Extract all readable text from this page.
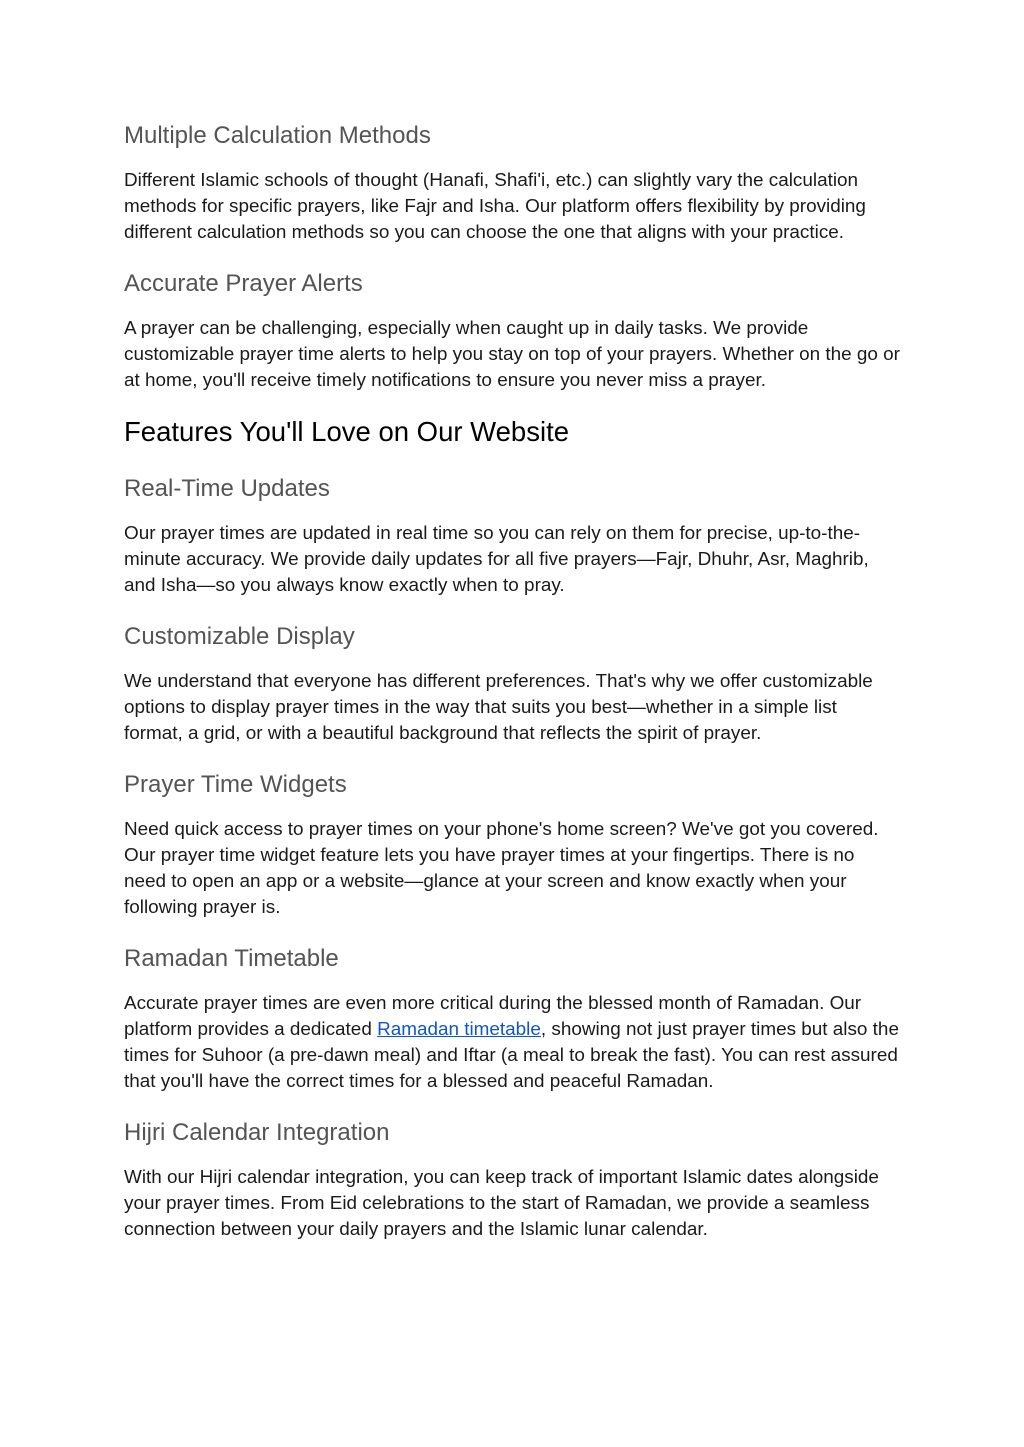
Multiple Calculation Methods

Different Islamic schools of thought (Hanafi, Shafi'i, etc.) can slightly vary the calculation methods for specific prayers, like Fajr and Isha. Our platform offers flexibility by providing different calculation methods so you can choose the one that aligns with your practice.

Accurate Prayer Alerts

A prayer can be challenging, especially when caught up in daily tasks. We provide customizable prayer time alerts to help you stay on top of your prayers. Whether on the go or at home, you'll receive timely notifications to ensure you never miss a prayer.

Features You'll Love on Our Website
Real-Time Updates

Our prayer times are updated in real time so you can rely on them for precise, up-to-the-minute accuracy. We provide daily updates for all five prayers—Fajr, Dhuhr, Asr, Maghrib, and Isha—so you always know exactly when to pray.

Customizable Display

We understand that everyone has different preferences. That's why we offer customizable options to display prayer times in the way that suits you best—whether in a simple list format, a grid, or with a beautiful background that reflects the spirit of prayer.

Prayer Time Widgets

Need quick access to prayer times on your phone's home screen? We've got you covered. Our prayer time widget feature lets you have prayer times at your fingertips. There is no need to open an app or a website—glance at your screen and know exactly when your following prayer is.

Ramadan Timetable

Accurate prayer times are even more critical during the blessed month of Ramadan. Our platform provides a dedicated Ramadan timetable, showing not just prayer times but also the times for Suhoor (a pre-dawn meal) and Iftar (a meal to break the fast). You can rest assured that you'll have the correct times for a blessed and peaceful Ramadan.

Hijri Calendar Integration

With our Hijri calendar integration, you can keep track of important Islamic dates alongside your prayer times. From Eid celebrations to the start of Ramadan, we provide a seamless connection between your daily prayers and the Islamic lunar calendar.
